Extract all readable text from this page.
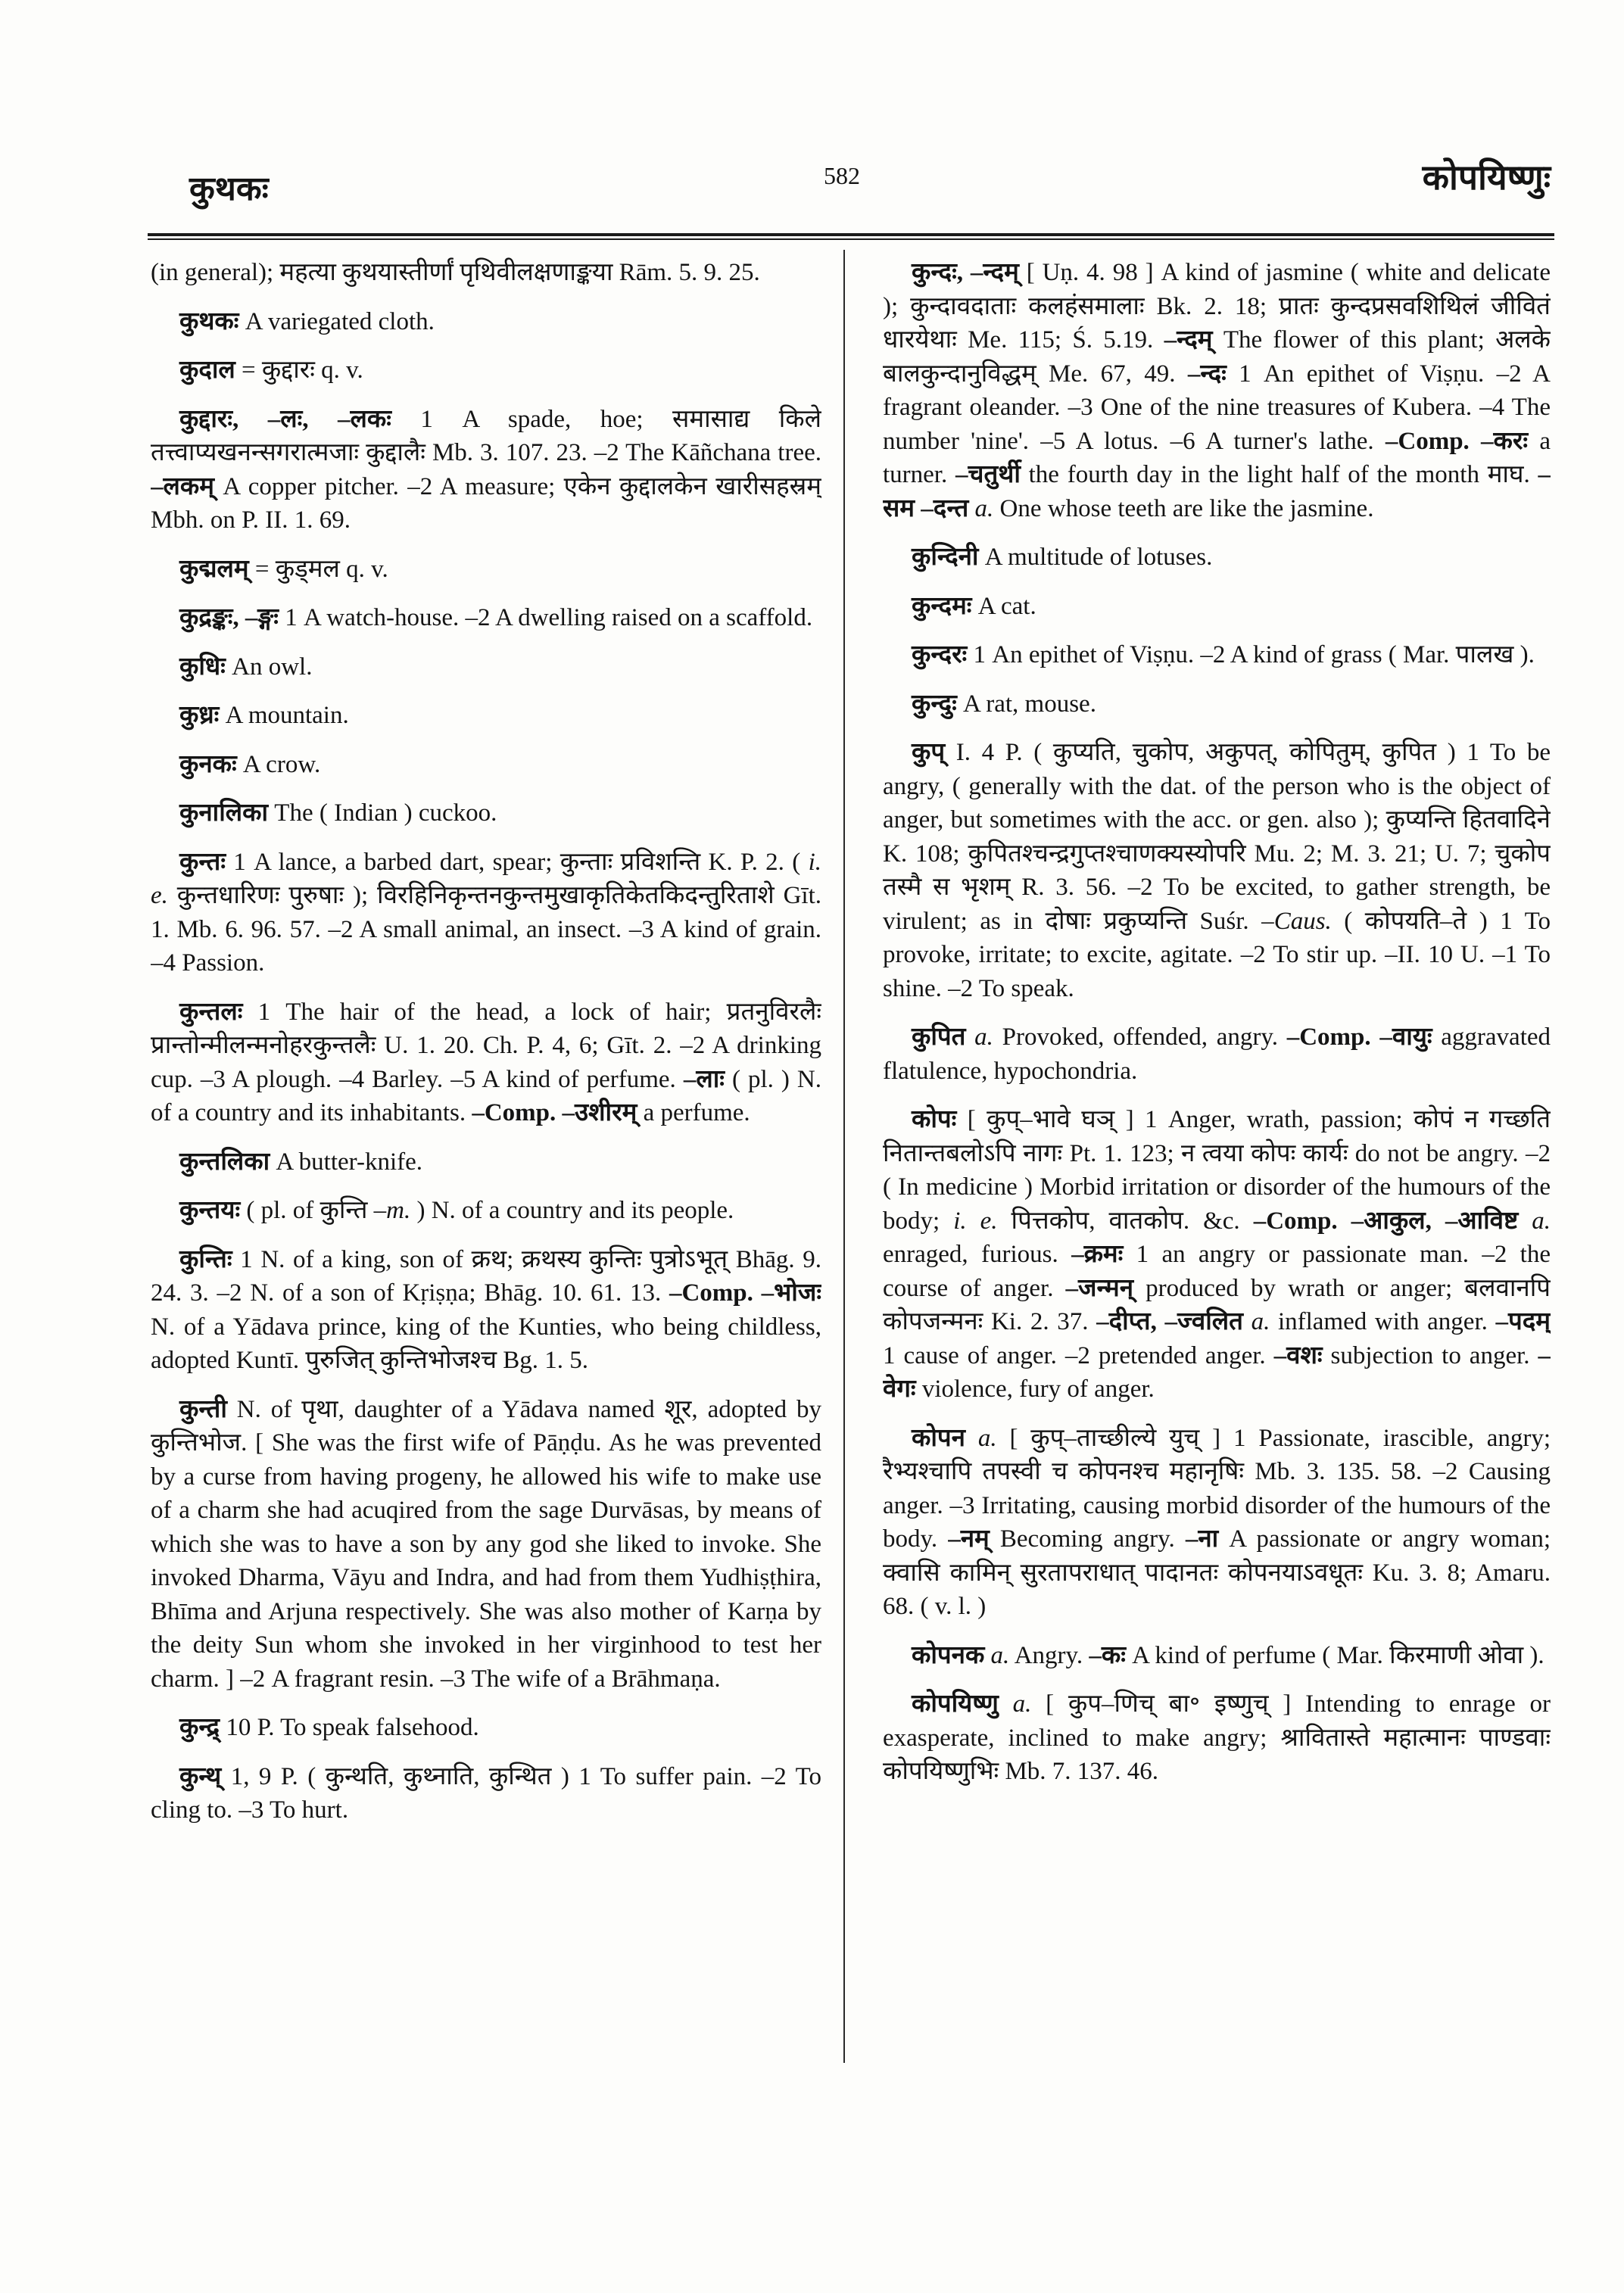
कुथकः	582	कोपयिष्णुः

(in general); महत्या कुथयास्तीर्णां पृथिवीलक्षणाङ्कया Rām. 5. 9. 25.

कुथकः A variegated cloth.

कुदाल = कुद्दारः q. v.

कुद्दारः, –लः, –लकः 1 A spade, hoe; समासाद्य किले तत्त्वाप्यखनन्सगरात्मजाः कुद्दालैः Mb. 3. 107. 23. –2 The Kāñchana tree. –लकम् A copper pitcher. –2 A measure; एकेन कुद्दालकेन खारीसहस्रम् Mbh. on P. II. 1. 69.

कुद्मलम् = कुड्मल q. v.

कुद्रङ्कः, –ङ्गः 1 A watch-house. –2 A dwelling raised on a scaffold.

कुधिः An owl.

कुध्रः A mountain.

कुनकः A crow.

कुनालिका The ( Indian ) cuckoo.

कुन्तः 1 A lance, a barbed dart, spear; कुन्ताः प्रविशन्ति K. P. 2. ( i. e. कुन्तधारिणः पुरुषाः ); विरहिनिकृन्तनकुन्तमुखाकृतिकेतकिदन्तुरिताशे Gīt. 1. Mb. 6. 96. 57. –2 A small animal, an insect. –3 A kind of grain. –4 Passion.

कुन्तलः 1 The hair of the head, a lock of hair; प्रतनुविरलैः प्रान्तोन्मीलन्मनोहरकुन्तलैः U. 1. 20. Ch. P. 4, 6; Gīt. 2. –2 A drinking cup. –3 A plough. –4 Barley. –5 A kind of perfume. –लाः ( pl. ) N. of a country and its inhabitants. –Comp. –उशीरम् a perfume.

कुन्तलिका A butter-knife.

कुन्तयः ( pl. of कुन्ति –m. ) N. of a country and its people.

कुन्तिः 1 N. of a king, son of क्रथ; क्रथस्य कुन्तिः पुत्रोऽभूत् Bhāg. 9. 24. 3. –2 N. of a son of Kṛiṣṇa; Bhāg. 10. 61. 13. –Comp. –भोजः N. of a Yādava prince, king of the Kunties, who being childless, adopted Kuntī. पुरुजित् कुन्तिभोजश्च Bg. 1. 5.

कुन्ती N. of पृथा, daughter of a Yādava named शूर, adopted by कुन्तिभोज. [ She was the first wife of Pāṇḍu. As he was prevented by a curse from having progeny, he allowed his wife to make use of a charm she had acuqired from the sage Durvāsas, by means of which she was to have a son by any god she liked to invoke. She invoked Dharma, Vāyu and Indra, and had from them Yudhiṣṭhira, Bhīma and Arjuna respectively. She was also mother of Karṇa by the deity Sun whom she invoked in her virginhood to test her charm. ] –2 A fragrant resin. –3 The wife of a Brāhmaṇa.

कुन्द्र् 10 P. To speak falsehood.

कुन्थ् 1, 9 P. ( कुन्थति, कुथ्नाति, कुन्थित ) 1 To suffer pain. –2 To cling to. –3 To hurt.

कुन्दः, –न्दम् [ Uṇ. 4. 98 ] A kind of jasmine ( white and delicate ); कुन्दावदाताः कलहंसमालाः Bk. 2. 18; प्रातः कुन्दप्रसवशिथिलं जीवितं धारयेथाः Me. 115; Ś. 5.19. –न्दम् The flower of this plant; अलके बालकुन्दानुविद्धम् Me. 67, 49. –न्दः 1 An epithet of Viṣṇu. –2 A fragrant oleander. –3 One of the nine treasures of Kubera. –4 The number 'nine'. –5 A lotus. –6 A turner's lathe. –Comp. –करः a turner. –चतुर्थी the fourth day in the light half of the month माघ. –सम –दन्त a. One whose teeth are like the jasmine.

कुन्दिनी A multitude of lotuses.

कुन्दमः A cat.

कुन्दरः 1 An epithet of Viṣṇu. –2 A kind of grass ( Mar. पालख ).

कुन्दुः A rat, mouse.

कुप् I. 4 P. ( कुप्यति, चुकोप, अकुपत्, कोपितुम्, कुपित ) 1 To be angry, ( generally with the dat. of the person who is the object of anger, but sometimes with the acc. or gen. also ); कुप्यन्ति हितवादिने K. 108; कुपितश्चन्द्रगुप्तश्चाणक्यस्योपरि Mu. 2; M. 3. 21; U. 7; चुकोप तस्मै स भृशम् R. 3. 56. –2 To be excited, to gather strength, be virulent; as in दोषाः प्रकुप्यन्ति Suśr. –Caus. ( कोपयति–ते ) 1 To provoke, irritate; to excite, agitate. –2 To stir up. –II. 10 U. –1 To shine. –2 To speak.

कुपित a. Provoked, offended, angry. –Comp. –वायुः aggravated flatulence, hypochondria.

कोपः [ कुप्–भावे घञ् ] 1 Anger, wrath, passion; कोपं न गच्छति नितान्तबलोऽपि नागः Pt. 1. 123; न त्वया कोपः कार्यः do not be angry. –2 ( In medicine ) Morbid irritation or disorder of the humours of the body; i. e. पित्तकोप, वातकोप. &c. –Comp. –आकुल, –आविष्ट a. enraged, furious. –क्रमः 1 an angry or passionate man. –2 the course of anger. –जन्मन् produced by wrath or anger; बलवानपि कोपजन्मनः Ki. 2. 37. –दीप्त, –ज्वलित a. inflamed with anger. –पदम् 1 cause of anger. –2 pretended anger. –वशः subjection to anger. –वेगः violence, fury of anger.

कोपन a. [ कुप्–ताच्छील्ये युच् ] 1 Passionate, irascible, angry; रैभ्यश्चापि तपस्वी च कोपनश्च महानृषिः Mb. 3. 135. 58. –2 Causing anger. –3 Irritating, causing morbid disorder of the humours of the body. –नम् Becoming angry. –ना A passionate or angry woman; क्वासि कामिन् सुरतापराधात् पादानतः कोपनयाऽवधूतः Ku. 3. 8; Amaru. 68. ( v. l. )

कोपनक a. Angry. –कः A kind of perfume ( Mar. किरमाणी ओवा ).

कोपयिष्णु a. [ कुप–णिच् बा॰ इष्णुच् ] Intending to enrage or exasperate, inclined to make angry; श्रावितास्ते महात्मानः पाण्डवाः कोपयिष्णुभिः Mb. 7. 137. 46.
